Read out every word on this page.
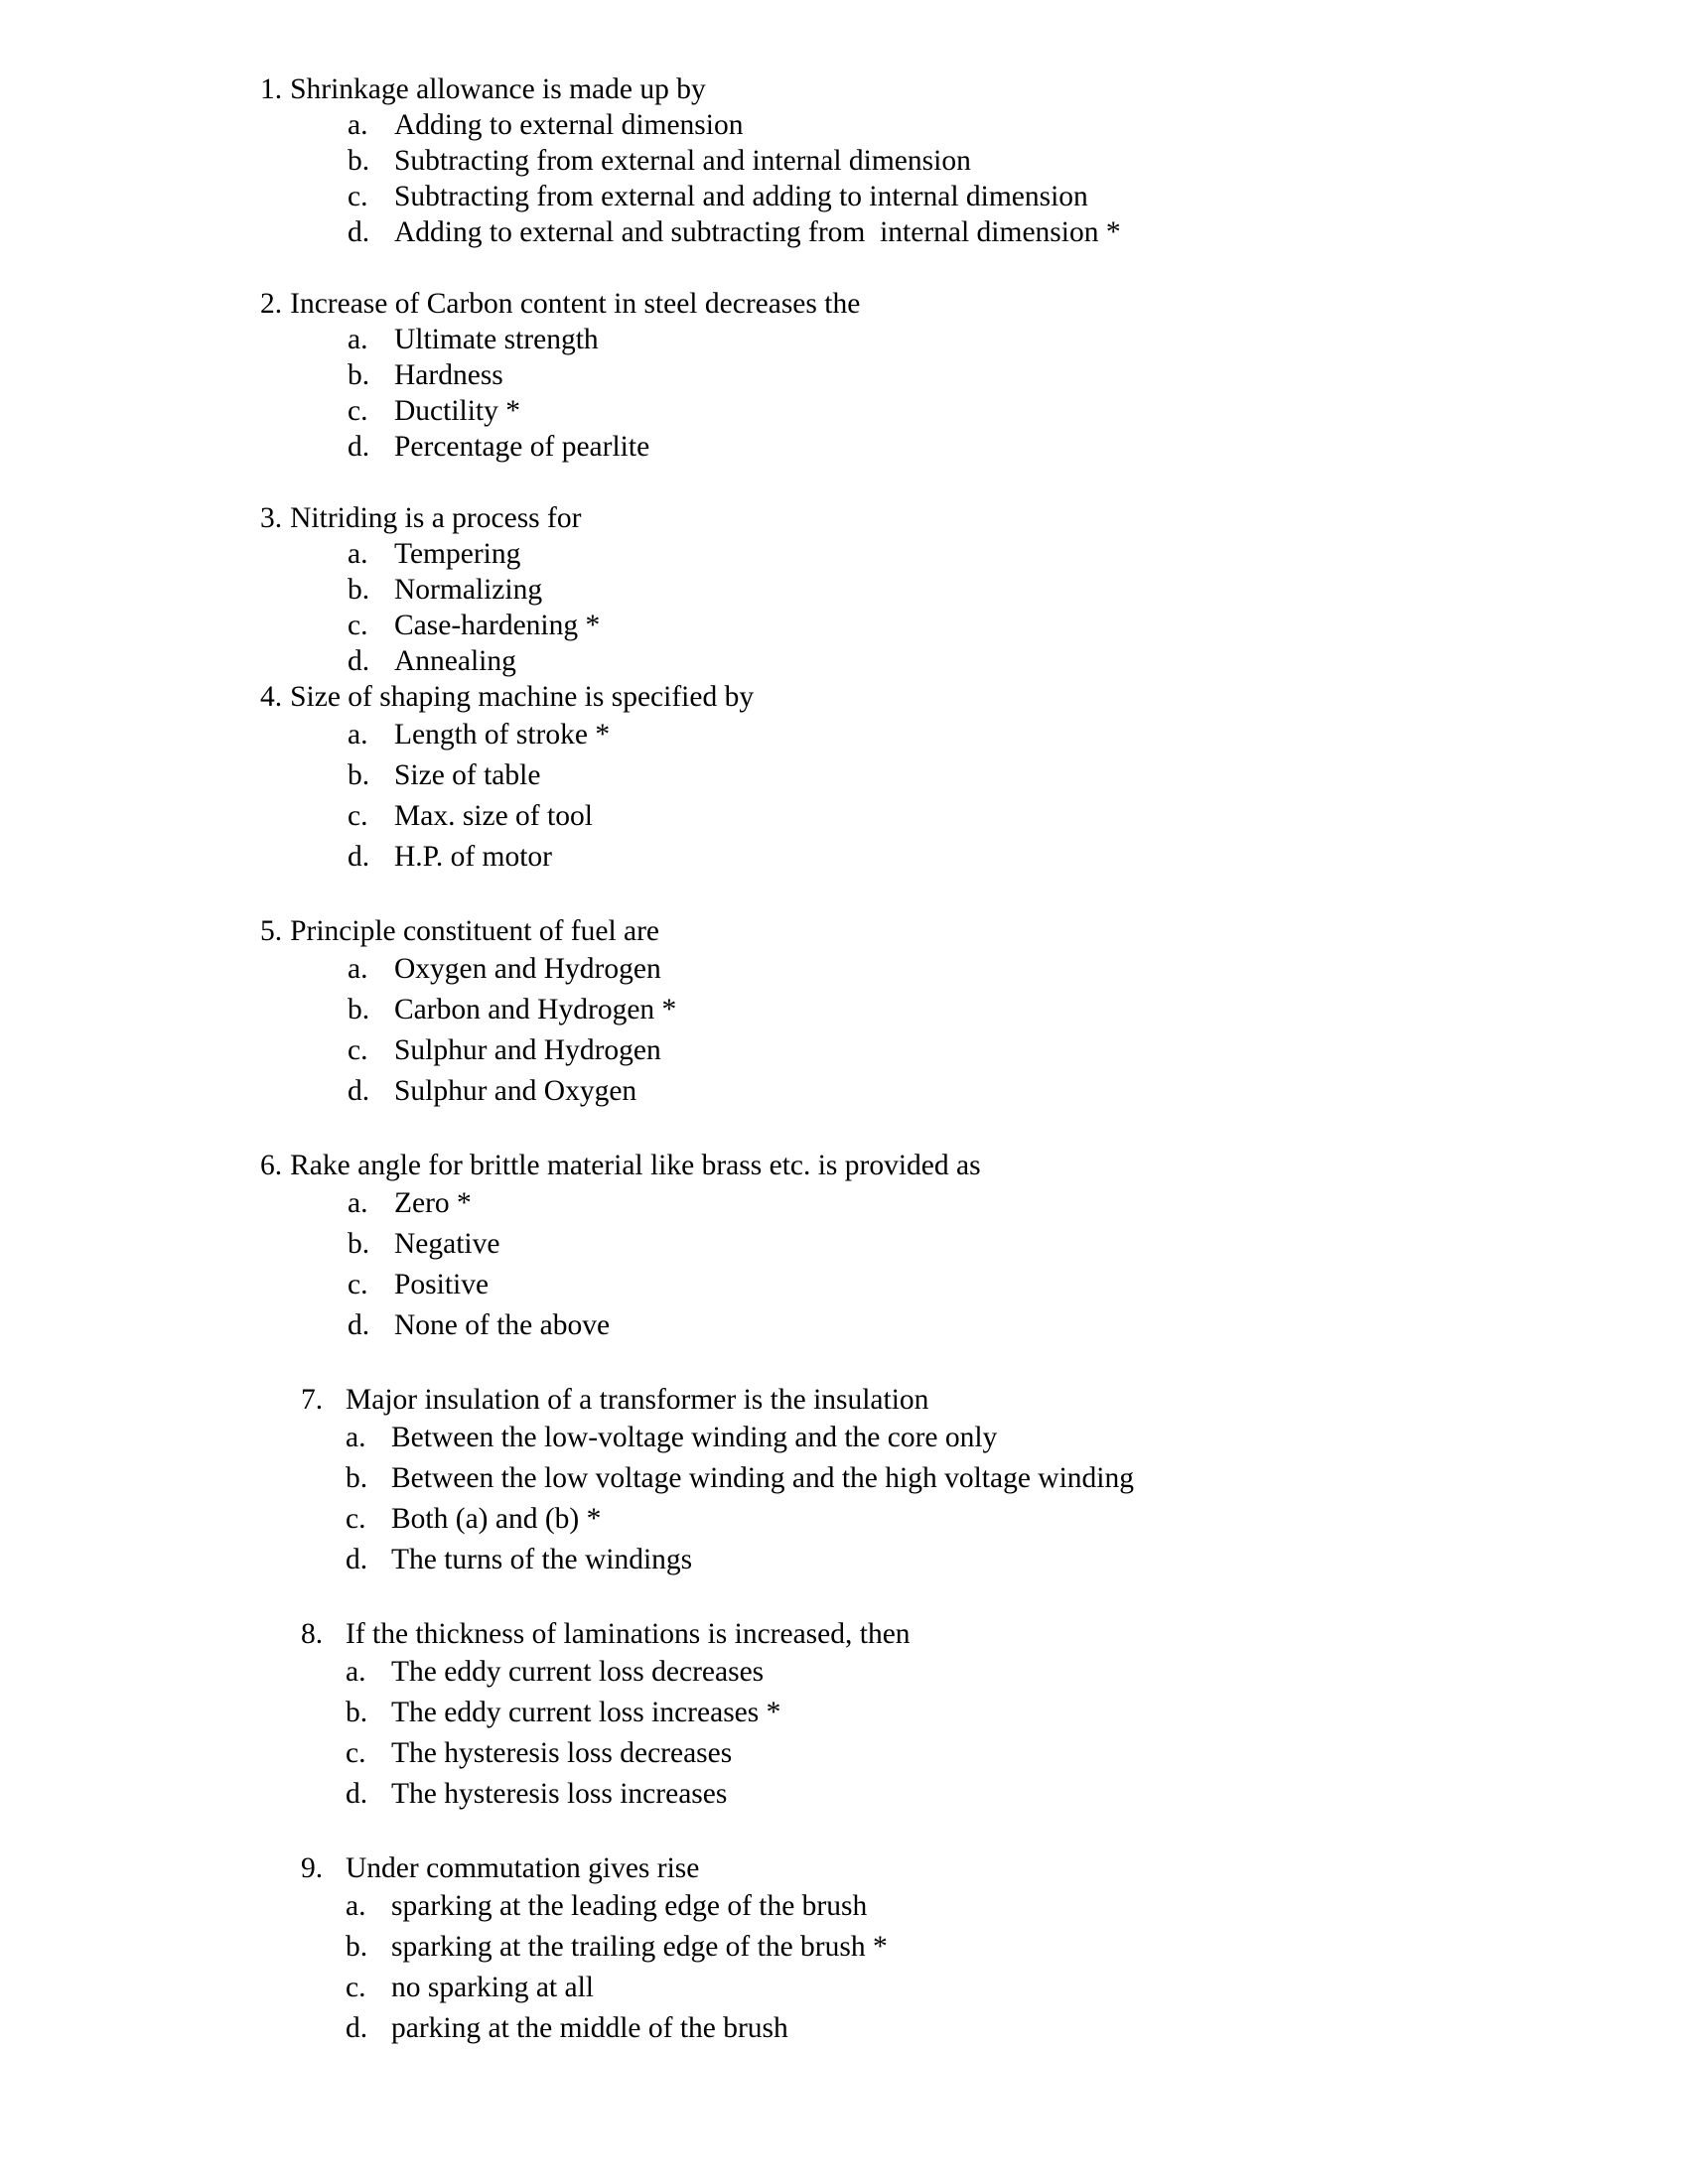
1. Shrinkage allowance is made up by
a. Adding to external dimension
b. Subtracting from external and internal dimension
c. Subtracting from external and adding to internal dimension
d. Adding to external and subtracting from  internal dimension *
2. Increase of Carbon content in steel decreases the
a. Ultimate strength
b. Hardness
c. Ductility *
d. Percentage of pearlite
3. Nitriding is a process for
a. Tempering
b. Normalizing
c. Case-hardening *
d. Annealing
4. Size of shaping machine is specified by
a. Length of stroke *
b. Size of table
c. Max. size of tool
d. H.P. of motor
5. Principle constituent of fuel are
a. Oxygen and Hydrogen
b. Carbon and Hydrogen *
c. Sulphur and Hydrogen
d. Sulphur and Oxygen
6. Rake angle for brittle material like brass etc. is provided as
a. Zero *
b. Negative
c. Positive
d. None of the above
7. Major insulation of a transformer is the insulation
a. Between the low-voltage winding and the core only
b. Between the low voltage winding and the high voltage winding
c. Both (a) and (b) *
d. The turns of the windings
8. If the thickness of laminations is increased, then
a. The eddy current loss decreases
b. The eddy current loss increases *
c. The hysteresis loss decreases
d. The hysteresis loss increases
9. Under commutation gives rise
a. sparking at the leading edge of the brush
b. sparking at the trailing edge of the brush *
c. no sparking at all
d. parking at the middle of the brush
